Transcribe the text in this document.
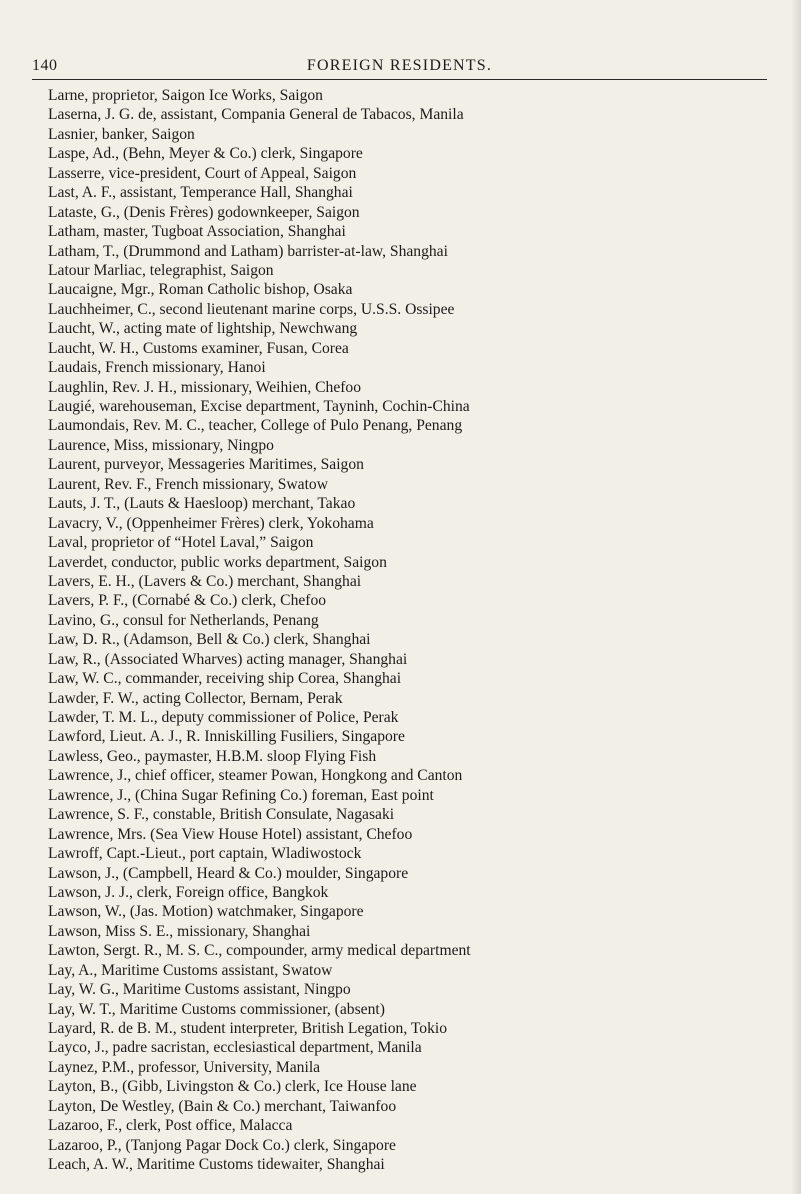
140	FOREIGN RESIDENTS.
Larne, proprietor, Saigon Ice Works, Saigon
Laserna, J. G. de, assistant, Compania General de Tabacos, Manila
Lasnier, banker, Saigon
Laspe, Ad., (Behn, Meyer & Co.) clerk, Singapore
Lasserre, vice-president, Court of Appeal, Saigon
Last, A. F., assistant, Temperance Hall, Shanghai
Lataste, G., (Denis Frères) godownkeeper, Saigon
Latham, master, Tugboat Association, Shanghai
Latham, T., (Drummond and Latham) barrister-at-law, Shanghai
Latour Marliac, telegraphist, Saigon
Laucaigne, Mgr., Roman Catholic bishop, Osaka
Lauchheimer, C., second lieutenant marine corps, U.S.S. Ossipee
Laucht, W., acting mate of lightship, Newchwang
Laucht, W. H., Customs examiner, Fusan, Corea
Laudais, French missionary, Hanoi
Laughlin, Rev. J. H., missionary, Weihien, Chefoo
Laugié, warehouseman, Excise department, Tayninh, Cochin-China
Laumondais, Rev. M. C., teacher, College of Pulo Penang, Penang
Laurence, Miss, missionary, Ningpo
Laurent, purveyor, Messageries Maritimes, Saigon
Laurent, Rev. F., French missionary, Swatow
Lauts, J. T., (Lauts & Haesloop) merchant, Takao
Lavacry, V., (Oppenheimer Frères) clerk, Yokohama
Laval, proprietor of “Hotel Laval,” Saigon
Laverdet, conductor, public works department, Saigon
Lavers, E. H., (Lavers & Co.) merchant, Shanghai
Lavers, P. F., (Cornabé & Co.) clerk, Chefoo
Lavino, G., consul for Netherlands, Penang
Law, D. R., (Adamson, Bell & Co.) clerk, Shanghai
Law, R., (Associated Wharves) acting manager, Shanghai
Law, W. C., commander, receiving ship Corea, Shanghai
Lawder, F. W., acting Collector, Bernam, Perak
Lawder, T. M. L., deputy commissioner of Police, Perak
Lawford, Lieut. A. J., R. Inniskilling Fusiliers, Singapore
Lawless, Geo., paymaster, H.B.M. sloop Flying Fish
Lawrence, J., chief officer, steamer Powan, Hongkong and Canton
Lawrence, J., (China Sugar Refining Co.) foreman, East point
Lawrence, S. F., constable, British Consulate, Nagasaki
Lawrence, Mrs. (Sea View House Hotel) assistant, Chefoo
Lawroff, Capt.-Lieut., port captain, Wladiwostock
Lawson, J., (Campbell, Heard & Co.) moulder, Singapore
Lawson, J. J., clerk, Foreign office, Bangkok
Lawson, W., (Jas. Motion) watchmaker, Singapore
Lawson, Miss S. E., missionary, Shanghai
Lawton, Sergt. R., M. S. C., compounder, army medical department
Lay, A., Maritime Customs assistant, Swatow
Lay, W. G., Maritime Customs assistant, Ningpo
Lay, W. T., Maritime Customs commissioner, (absent)
Layard, R. de B. M., student interpreter, British Legation, Tokio
Layco, J., padre sacristan, ecclesiastical department, Manila
Laynez, P.M., professor, University, Manila
Layton, B., (Gibb, Livingston & Co.) clerk, Ice House lane
Layton, De Westley, (Bain & Co.) merchant, Taiwanfoo
Lazaroo, F., clerk, Post office, Malacca
Lazaroo, P., (Tanjong Pagar Dock Co.) clerk, Singapore
Leach, A. W., Maritime Customs tidewaiter, Shanghai
